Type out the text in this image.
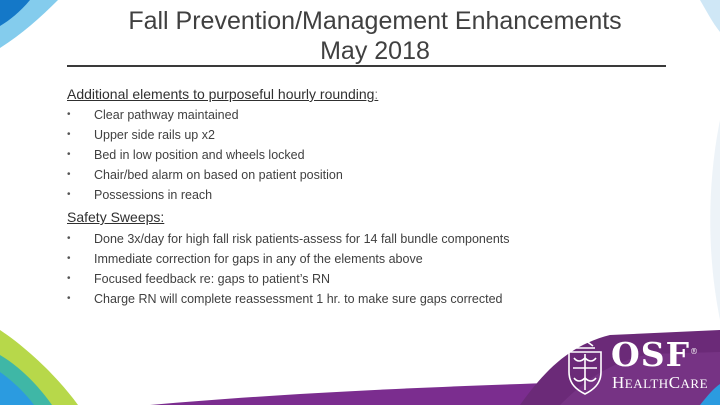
Fall Prevention/Management Enhancements
May 2018
Additional elements to purposeful hourly rounding:
•	Clear pathway maintained
•	Upper side rails up x2
•	Bed in low position and wheels locked
•	Chair/bed alarm on based on patient position
•	Possessions in reach
Safety Sweeps:
•	Done 3x/day for high fall risk patients-assess for 14 fall bundle components
•	Immediate correction for gaps in any of the elements above
•	Focused feedback re: gaps to patient’s RN
•	Charge RN will complete reassessment 1 hr. to make sure gaps corrected
OSF®
HEALTHCARE
